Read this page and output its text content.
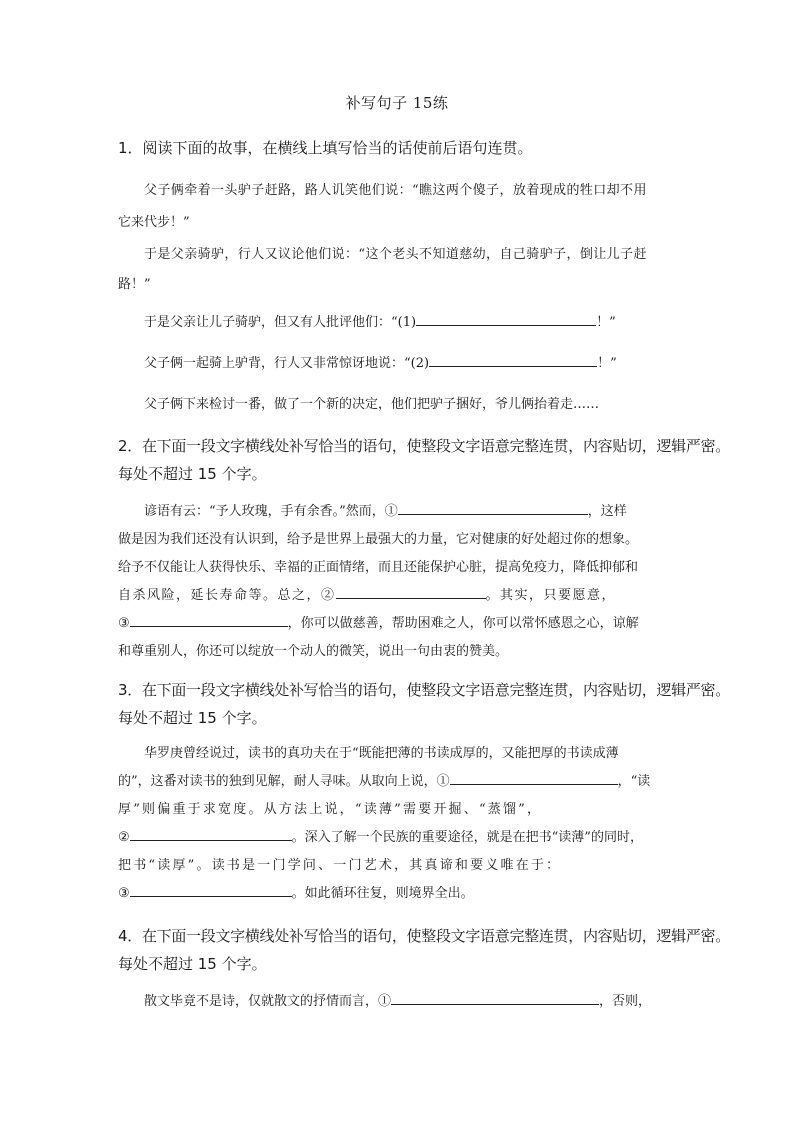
补写句子 15练
1．阅读下面的故事，在横线上填写恰当的话使前后语句连贯。
父子俩牵着一头驴子赶路，路人讥笑他们说：“瞧这两个傻子，放着现成的牲口却不用
它来代步！”
于是父亲骑驴，行人又议论他们说：“这个老头不知道慈幼，自己骑驴子，倒让儿子赶
路！”
于是父亲让儿子骑驴，但又有人批评他们：“(1)	！”
父子俩一起骑上驴背，行人又非常惊讶地说：“(2)	！”
父子俩下来检讨一番，做了一个新的决定，他们把驴子捆好，爷儿俩抬着走……
2．在下面一段文字横线处补写恰当的语句，使整段文字语意完整连贯，内容贴切，逻辑严密。
每处不超过 15 个字。
谚语有云：“予人玫瑰，手有余香。”然而，①	，这样
做是因为我们还没有认识到，给予是世界上最强大的力量，它对健康的好处超过你的想象。
给予不仅能让人获得快乐、幸福的正面情绪，而且还能保护心脏，提高免疫力，降低抑郁和
自杀风险，延长寿命等。总之，②	。其实，只要愿意，
③	，你可以做慈善，帮助困难之人，你可以常怀感恩之心，谅解
和尊重别人，你还可以绽放一个动人的微笑，说出一句由衷的赞美。
3．在下面一段文字横线处补写恰当的语句，使整段文字语意完整连贯，内容贴切，逻辑严密。
每处不超过 15 个字。
华罗庚曾经说过，读书的真功夫在于“既能把薄的书读成厚的，又能把厚的书读成薄
的”，这番对读书的独到见解，耐人寻味。从取向上说，①	，“读
厚”则偏重于求宽度。从方法上说，“读薄”需要开掘、“蒸馏”，
②	。深入了解一个民族的重要途径，就是在把书“读薄”的同时，
把书“读厚”。读书是一门学问、一门艺术，其真谛和要义唯在于：
③	。如此循环往复，则境界全出。
4．在下面一段文字横线处补写恰当的语句，使整段文字语意完整连贯，内容贴切，逻辑严密。
每处不超过 15 个字。
散文毕竟不是诗，仅就散文的抒情而言，①	，否则，
